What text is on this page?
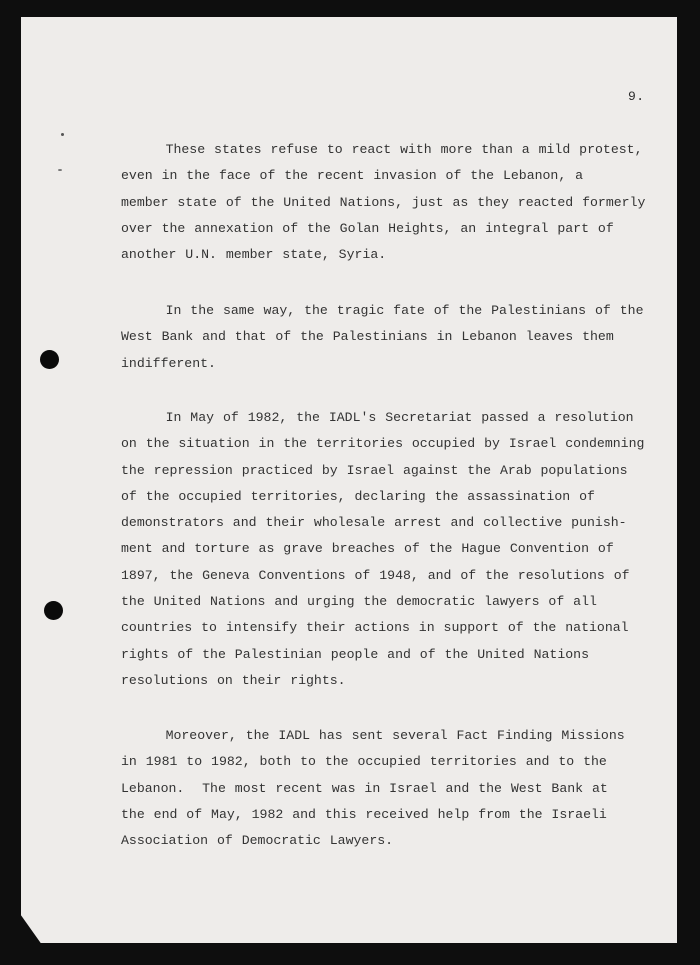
9.
These states refuse to react with more than a mild protest,
even in the face of the recent invasion of the Lebanon, a
member state of the United Nations, just as they reacted formerly
over the annexation of the Golan Heights, an integral part of
another U.N. member state, Syria.
In the same way, the tragic fate of the Palestinians of the
West Bank and that of the Palestinians in Lebanon leaves them
indifferent.
In May of 1982, the IADL's Secretariat passed a resolution
on the situation in the territories occupied by Israel condemning
the repression practiced by Israel against the Arab populations
of the occupied territories, declaring the assassination of
demonstrators and their wholesale arrest and collective punish-
ment and torture as grave breaches of the Hague Convention of
1897, the Geneva Conventions of 1948, and of the resolutions of
the United Nations and urging the democratic lawyers of all
countries to intensify their actions in support of the national
rights of the Palestinian people and of the United Nations
resolutions on their rights.
Moreover, the IADL has sent several Fact Finding Missions
in 1981 to 1982, both to the occupied territories and to the
Lebanon.  The most recent was in Israel and the West Bank at
the end of May, 1982 and this received help from the Israeli
Association of Democratic Lawyers.
